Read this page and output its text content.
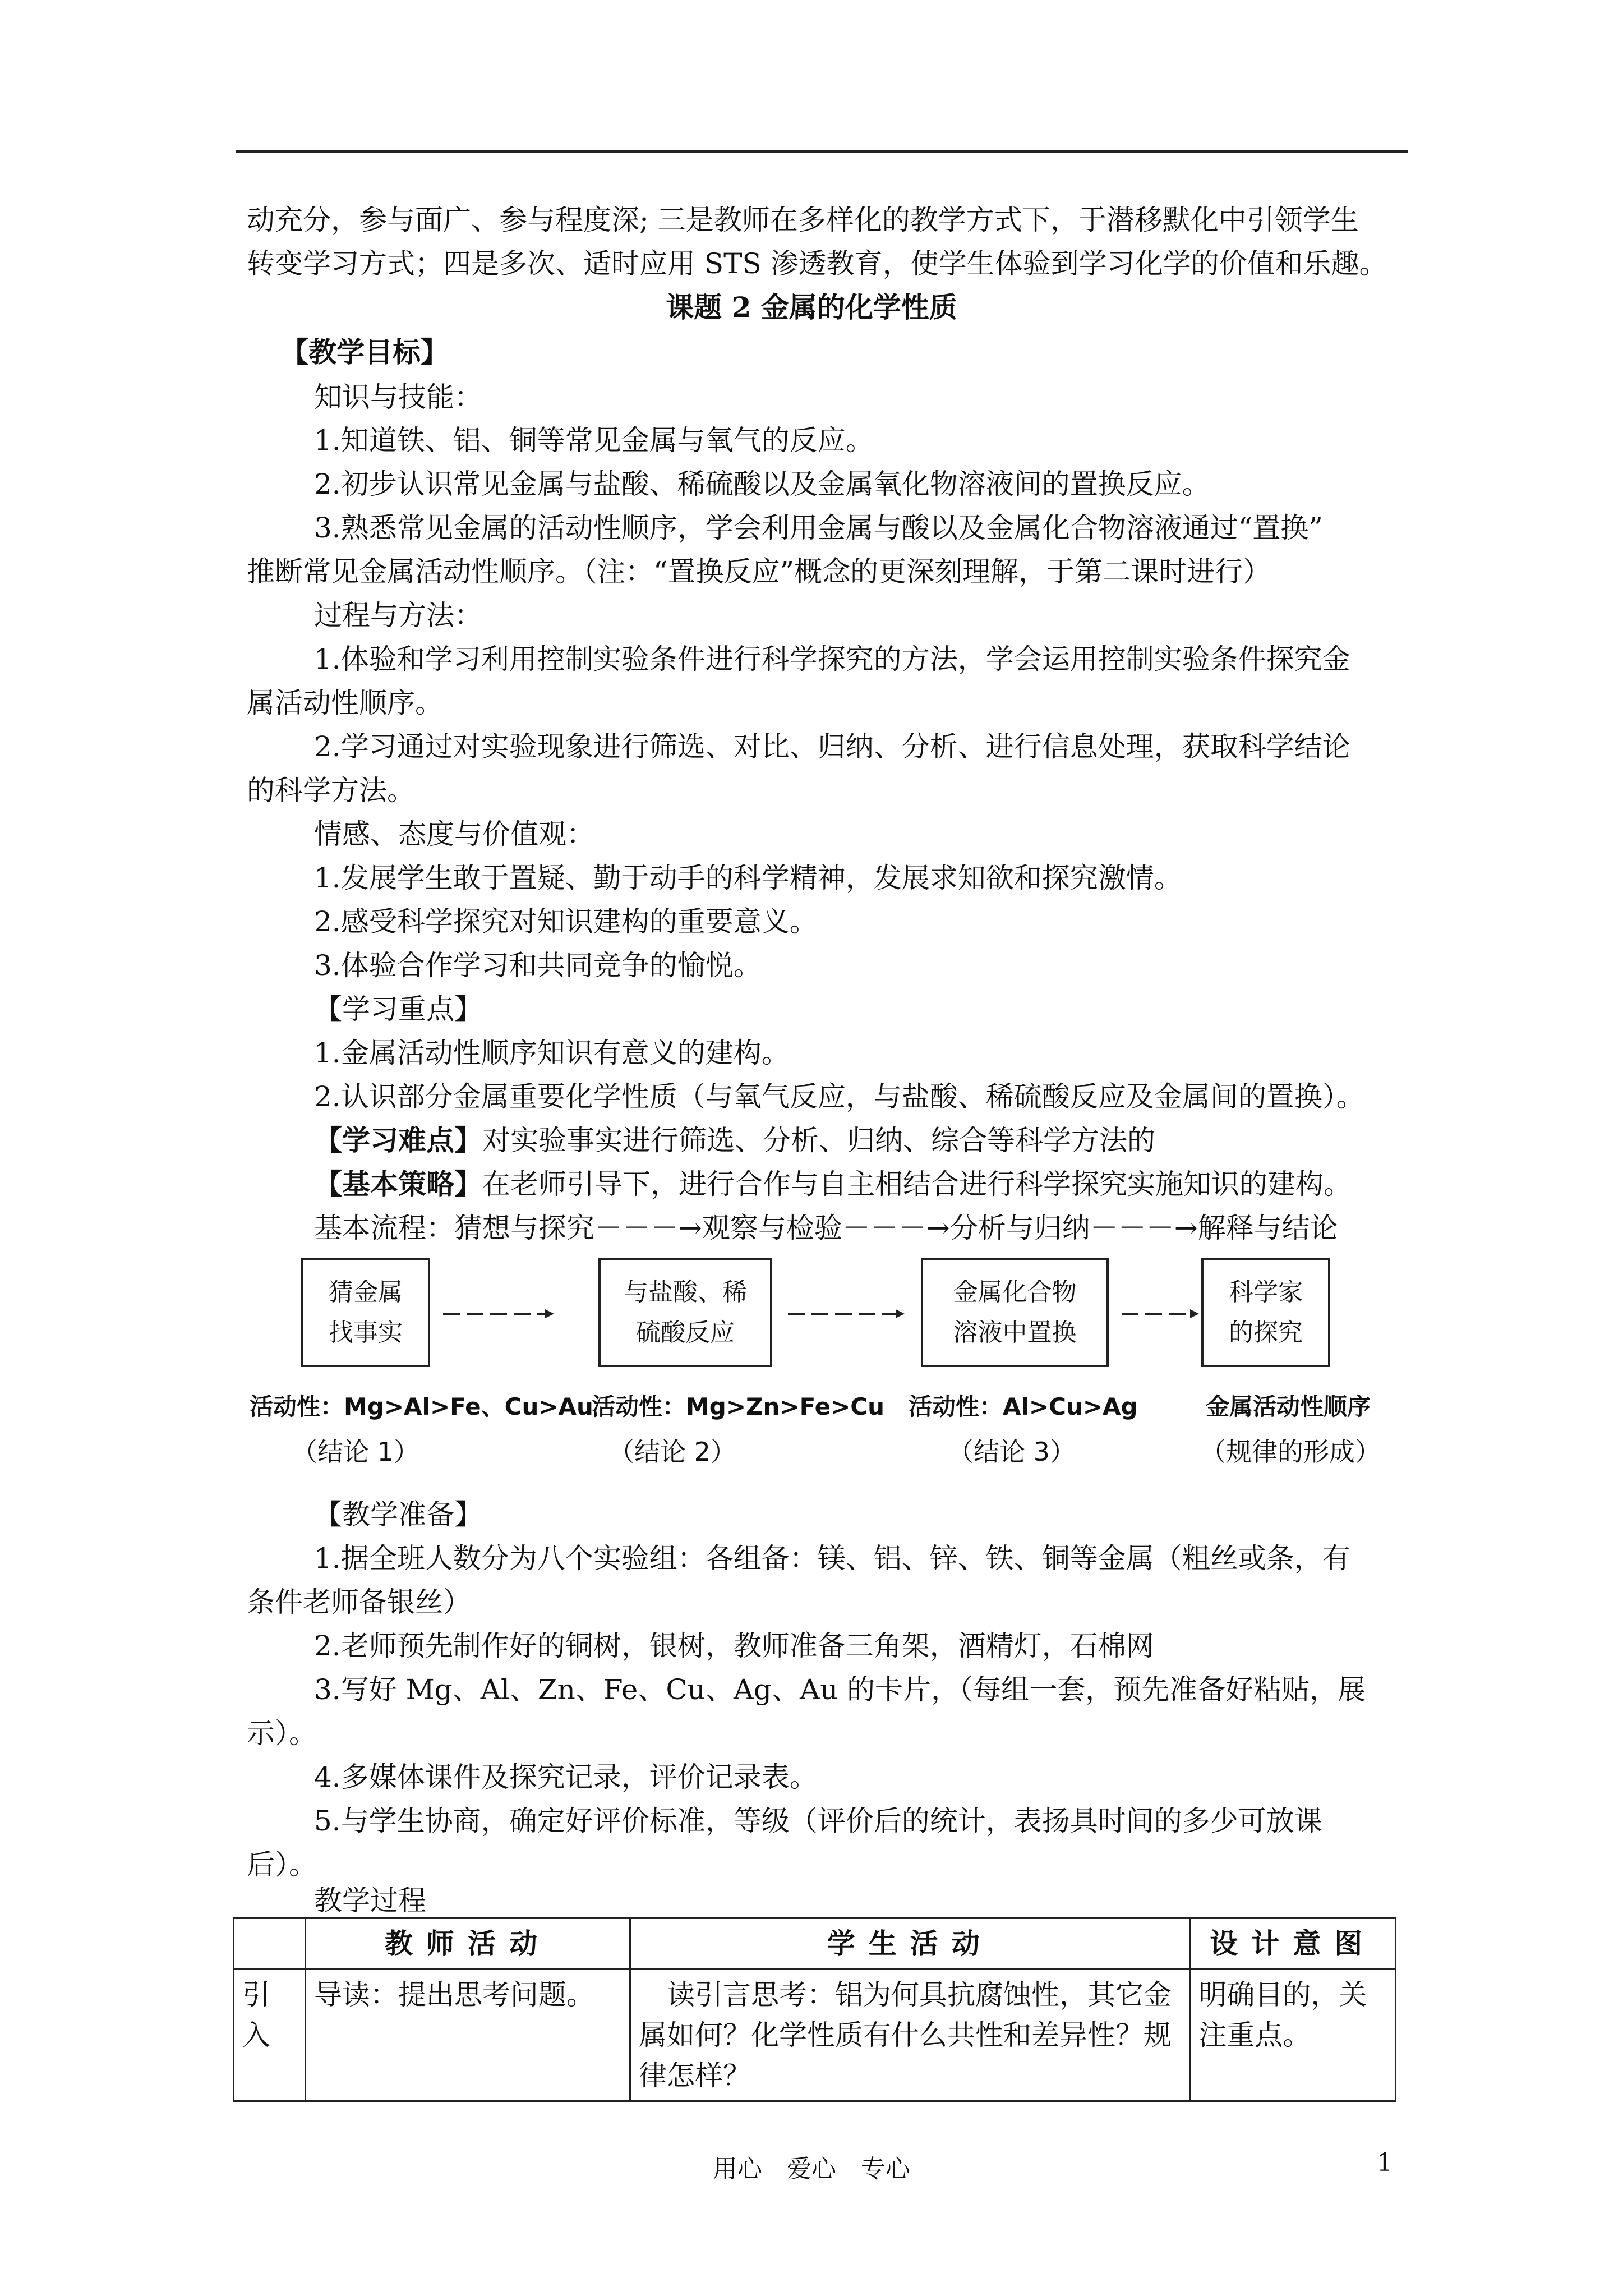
动充分，参与面广、参与程度深; 三是教师在多样化的教学方式下，于潜移默化中引领学生
转变学习方式；四是多次、适时应用 STS 渗透教育，使学生体验到学习化学的价值和乐趣。
课题 2 金属的化学性质
【教学目标】
知识与技能：
1.知道铁、铝、铜等常见金属与氧气的反应。
2.初步认识常见金属与盐酸、稀硫酸以及金属氧化物溶液间的置换反应。
3.熟悉常见金属的活动性顺序，学会利用金属与酸以及金属化合物溶液通过“置换”
推断常见金属活动性顺序。（注：“置换反应”概念的更深刻理解，于第二课时进行）
过程与方法：
1.体验和学习利用控制实验条件进行科学探究的方法，学会运用控制实验条件探究金
属活动性顺序。
2.学习通过对实验现象进行筛选、对比、归纳、分析、进行信息处理，获取科学结论
的科学方法。
情感、态度与价值观：
1.发展学生敢于置疑、勤于动手的科学精神，发展求知欲和探究激情。
2.感受科学探究对知识建构的重要意义。
3.体验合作学习和共同竞争的愉悦。
【学习重点】
1.金属活动性顺序知识有意义的建构。
2.认识部分金属重要化学性质（与氧气反应，与盐酸、稀硫酸反应及金属间的置换）。
【学习难点】对实验事实进行筛选、分析、归纳、综合等科学方法的
【基本策略】在老师引导下，进行合作与自主相结合进行科学探究实施知识的建构。
基本流程：猜想与探究－－－→观察与检验－－－→分析与归纳－－－→解释与结论
猜金属
找事实
与盐酸、稀
硫酸反应
金属化合物
溶液中置换
科学家
的探究
活动性：Mg>Al>Fe、Cu>Au
活动性：Mg>Zn>Fe>Cu 活动性：Al>Cu>Ag	金属活动性顺序
（结论 1）	（结论 2）	（结论 3）	（规律的形成）
【教学准备】
1.据全班人数分为八个实验组：各组备：镁、铝、锌、铁、铜等金属（粗丝或条，有
条件老师备银丝）
2.老师预先制作好的铜树，银树，教师准备三角架，酒精灯，石棉网
3.写好 Mg、Al、Zn、Fe、Cu、Ag、Au 的卡片，（每组一套，预先准备好粘贴，展
示）。
4.多媒体课件及探究记录，评价记录表。
5.与学生协商，确定好评价标准，等级（评价后的统计，表扬具时间的多少可放课
后）。
教学过程
	教师活动	学生活动	设计意图
引入	导读：提出思考问题。	读引言思考：铝为何具抗腐蚀性，其它金属如何？化学性质有什么共性和差异性？规律怎样？	明确目的，关注重点。
用心 爱心 专心	1
